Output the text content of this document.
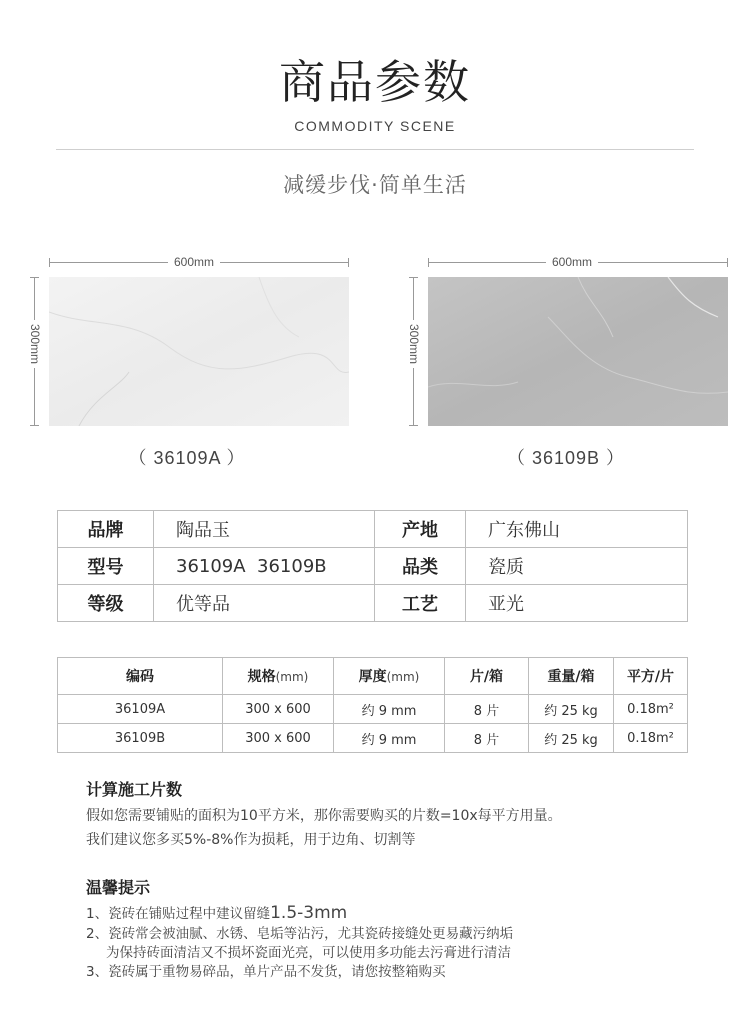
商品参数
COMMODITY SCENE
减缓步伐·简单生活
600mm
300mm
（ 36109A ）
600mm
300mm
（ 36109B ）
品牌	陶品玉	产地	广东佛山
型号	36109A  36109B	品类	瓷质
等级	优等品	工艺	亚光
编码	规格(mm)	厚度(mm)	片/箱	重量/箱	平方/片
36109A	300 x 600	约 9 mm	8 片	约 25 kg	0.18m²
36109B	300 x 600	约 9 mm	8 片	约 25 kg	0.18m²
计算施工片数
假如您需要铺贴的面积为10平方米，那你需要购买的片数=10x每平方用量。
我们建议您多买5%-8%作为损耗，用于边角、切割等
温馨提示
1、瓷砖在铺贴过程中建议留缝1.5-3mm
2、瓷砖常会被油腻、水锈、皂垢等沾污，尤其瓷砖接缝处更易藏污纳垢
为保持砖面清洁又不损坏瓷面光亮，可以使用多功能去污膏进行清洁
3、瓷砖属于重物易碎品，单片产品不发货，请您按整箱购买
